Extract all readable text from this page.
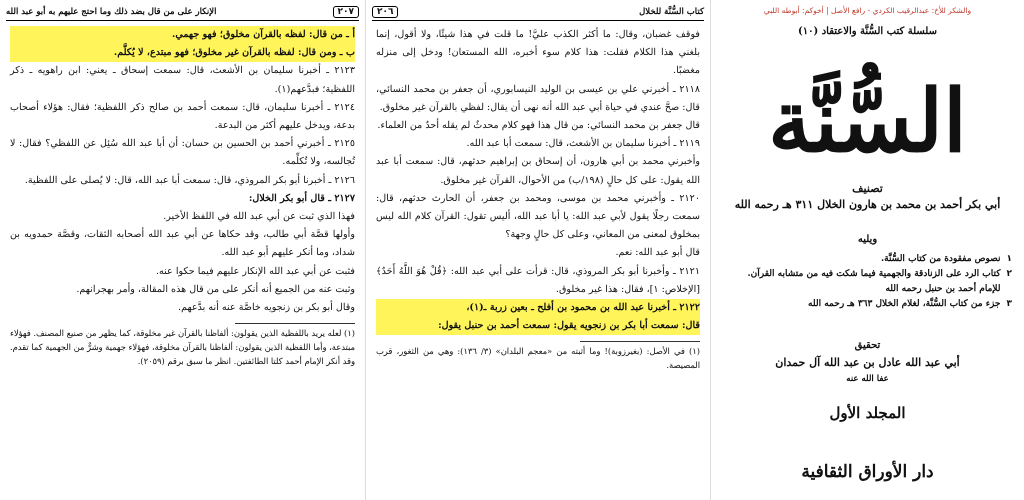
٢٠٧
الإنكار على من قال بضد ذلك وما احتج عليهم به أبو عبد الله

أ ـ من قال: لفظه بالقرآن مخلوق؛ فهو جهمي.

ب ـ ومن قال: لفظه بالقرآن غير مخلوق؛ فهو مبتدع، لا يُكلَّم.

٢١٢٣ ـ أخبرنا سليمان بن الأشعث، قال: سمعت إسحاق ـ يعني: ابن راهويه ـ ذكر اللفظية؛ فبدَّعهم(١).

٢١٢٤ ـ أخبرنا سليمان، قال: سمعت أحمد بن صالح ذكر اللفظية؛ فقال: هؤلاء أصحاب بدعة، ويدخل عليهم أكثر من البدعة.

٢١٢٥ ـ أخبرني أحمد بن الحسين بن حسان: أن أبا عبد الله سُئِل عن اللفظي؟ فقال: لا تُجالسه، ولا تُكلِّمه.

٢١٢٦ ـ أخبرنا أبو بكر المروذي، قال: سمعت أبا عبد الله، قال: لا يُصلى على اللفظية.

٢١٢٧ ـ قال أبو بكر الخلال:

فهذا الذي ثبت عن أبي عبد الله في اللفظ الأخير.

وأولها قصَّة أبي طالب، وقد حكاها عن أبي عبد الله أصحابه الثقات، وقصَّة حمدويه بن شداد، وما أنكر عليهم أبو عبد الله.

فثبت عن أبي عبد الله الإنكار عليهم فيما حكوا عنه.

وثبت عنه من الجميع أنه أنكر على من قال هذه المقالة، وأمر بهجرانهم.

وقال أبو بكر بن زنجويه خاصَّة عنه أنه بدَّعهم.

(١) لعله يريد باللفظية الذين يقولون: ألفاظنا بالقرآن غير مخلوقة، كما يظهر من صنيع المصنف. فهؤلاء مبتدعة، وأما اللفظية الذين يقولون: ألفاظنا بالقرآن مخلوقة، فهؤلاء جهمية وشرٌّ من الجهمية كما تقدم. وقد أنكر الإمام أحمد كلتا الطائفتين. انظر ما سبق برقم (٢٠٥٩).

كتاب السُّنَّة للخلال
٢٠٦

فوقف غضبان، وقال: ما أكثر الكذب عليَّ! ما قلت في هذا شيئًا، ولا أقول، إنما بلغني هذا الكلام فقلت: هذا كلام سوء أخبره، الله المستعان! ودخل إلى منزله مغضبًا.

٢١١٨ ـ أخبرني علي بن عيسى بن الوليد النيسابوري، أن جعفر بن محمد النسائي، قال: صحَّ عندي في حياة أبي عبد الله أنه نهى أن يقال: لفظي بالقرآن غير مخلوق.

قال جعفر بن محمد النسائي: من قال هذا فهو كلام محدثٌ لم يقله أحدٌ من العلماء.

٢١١٩ ـ أخبرنا سليمان بن الأشعث، قال: سمعت أبا عبد الله.

وأخبرني محمد بن أبي هارون، أن إسحاق بن إبراهيم حدثهم، قال: سمعت أبا عبد الله يقول: على كل حالٍ (١٩٨/ب) من الأحوال، القرآن غير مخلوق.

٢١٢٠ ـ وأخبرني محمد بن موسى، ومحمد بن جعفر، أن الحارث حدثهم، قال: سمعت رجلًا يقول لأبي عبد الله: يا أبا عبد الله، أليس تقول: القرآن كلام الله ليس بمخلوق لمعنى من المعاني، وعلى كل حالٍ وجهة؟

قال أبو عبد الله: نعم.

٢١٢١ ـ وأخبرنا أبو بكر المروذي، قال: قرأت على أبي عبد الله: ﴿قُلْ هُوَ اللَّهُ أَحَدٌ﴾ [الإخلاص: ١]، فقال: هذا غير مخلوق.

٢١٢٢ ـ أخبرنا عبد الله بن محمود بن أفلح ـ بعين زربة ـ(١)،

قال: سمعت أبا بكر بن زنجويه يقول: سمعت أحمد بن حنبل يقول:

(١) في الأصل: (بغيرزوبة)! وما أثبته من «معجم البلدان» (٣/ ١٣٦): وهي من الثغور، قرب المصيصة.

والشكر للأخ: عبدالرقيب الكردي - رافع الأصل | أخوكم: أبوطه اللبي
سلسلة كتب السُّنَّة والاعتقاد (١٠)
السُّنَّة
تصنيف
أبي بكر أحمد بن محمد بن هارون الخلال ٣١١ هـ رحمه الله
ويليه
١
نصوص مفقودة من كتاب السُّنَّة.
٢
كتاب الرد على الزنادقة والجهمية فيما شكت فيه من متشابه القرآن. للإمام أحمد بن حنبل رحمه الله
٣
جزء من كتاب السُّنَّة، لغلام الخلال ٣٦٣ هـ رحمه الله
تحقيق
أبي عبد الله عادل بن عبد الله آل حمدان
عفا الله عنه
المجلد الأول
دار الأوراق الثقافية
